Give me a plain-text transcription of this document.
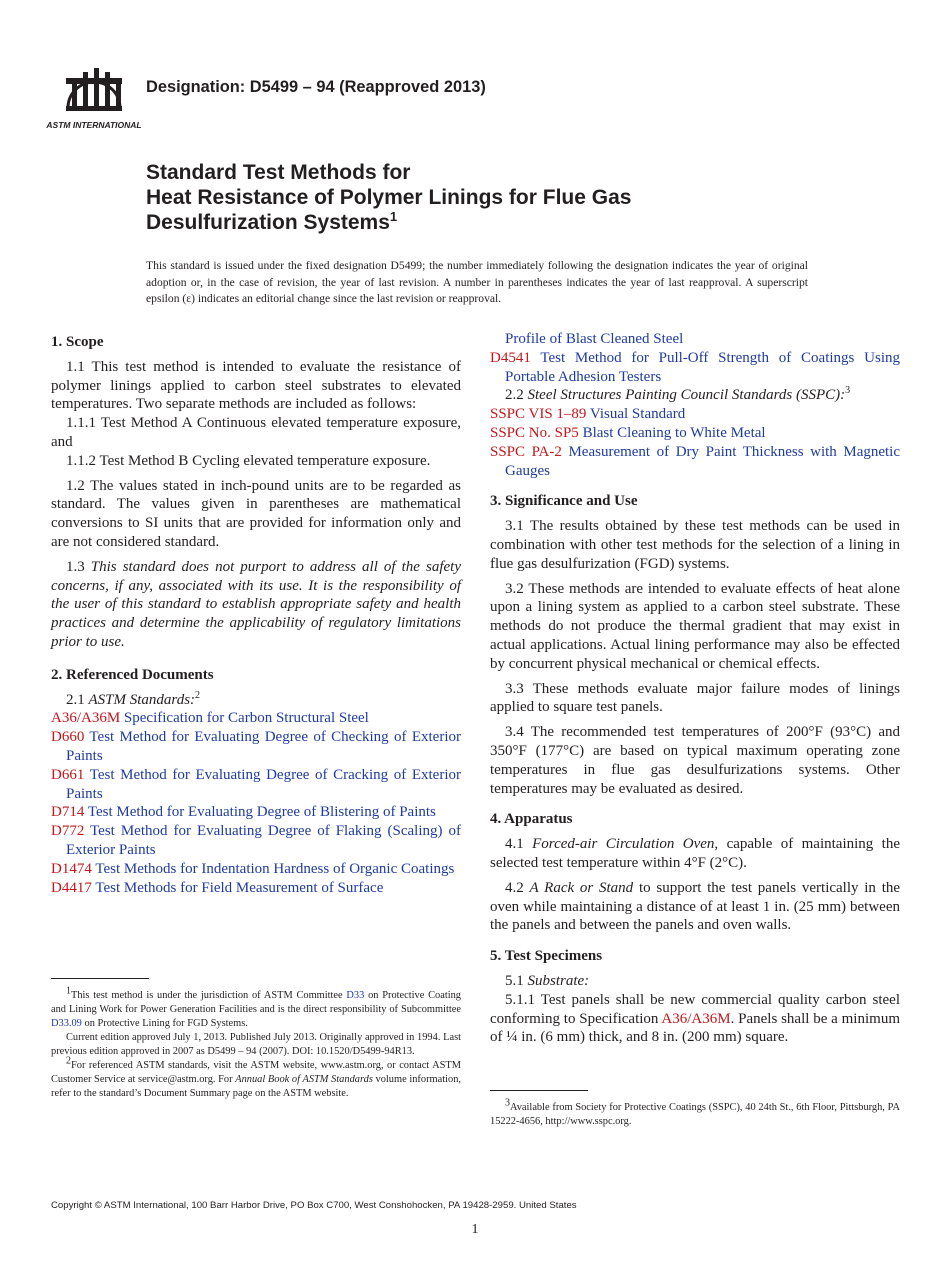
ASTM INTERNATIONAL
Designation: D5499 – 94 (Reapproved 2013)
Standard Test Methods for
Heat Resistance of Polymer Linings for Flue Gas
Desulfurization Systems$^1$
This standard is issued under the fixed designation D5499; the number immediately following the designation indicates the year of original adoption or, in the case of revision, the year of last revision. A number in parentheses indicates the year of last reapproval. A superscript epsilon (ε) indicates an editorial change since the last revision or reapproval.

1. Scope

1.1 This test method is intended to evaluate the resistance of polymer linings applied to carbon steel substrates to elevated temperatures. Two separate methods are included as follows:

1.1.1 Test Method A Continuous elevated temperature exposure, and

1.1.2 Test Method B Cycling elevated temperature exposure.

1.2 The values stated in inch-pound units are to be regarded as standard. The values given in parentheses are mathematical conversions to SI units that are provided for information only and are not considered standard.

1.3 This standard does not purport to address all of the safety concerns, if any, associated with its use. It is the responsibility of the user of this standard to establish appropriate safety and health practices and determine the applicability of regulatory limitations prior to use.

2. Referenced Documents

2.1 ASTM Standards:$^2$

A36/A36M Specification for Carbon Structural Steel

D660 Test Method for Evaluating Degree of Checking of Exterior Paints

D661 Test Method for Evaluating Degree of Cracking of Exterior Paints

D714 Test Method for Evaluating Degree of Blistering of Paints

D772 Test Method for Evaluating Degree of Flaking (Scaling) of Exterior Paints

D1474 Test Methods for Indentation Hardness of Organic Coatings

D4417 Test Methods for Field Measurement of Surface

$^1$This test method is under the jurisdiction of ASTM Committee D33 on Protective Coating and Lining Work for Power Generation Facilities and is the direct responsibility of Subcommittee D33.09 on Protective Lining for FGD Systems.

Current edition approved July 1, 2013. Published July 2013. Originally approved in 1994. Last previous edition approved in 2007 as D5499 – 94 (2007). DOI: 10.1520/D5499-94R13.

$^2$For referenced ASTM standards, visit the ASTM website, www.astm.org, or contact ASTM Customer Service at service@astm.org. For Annual Book of ASTM Standards volume information, refer to the standard’s Document Summary page on the ASTM website.

Profile of Blast Cleaned Steel

D4541 Test Method for Pull-Off Strength of Coatings Using Portable Adhesion Testers

2.2 Steel Structures Painting Council Standards (SSPC):$^3$

SSPC VIS 1–89 Visual Standard

SSPC No. SP5 Blast Cleaning to White Metal

SSPC PA-2 Measurement of Dry Paint Thickness with Magnetic Gauges

3. Significance and Use

3.1 The results obtained by these test methods can be used in combination with other test methods for the selection of a lining in flue gas desulfurization (FGD) systems.

3.2 These methods are intended to evaluate effects of heat alone upon a lining system as applied to a carbon steel substrate. These methods do not produce the thermal gradient that may exist in actual applications. Actual lining performance may also be effected by concurrent physical mechanical or chemical effects.

3.3 These methods evaluate major failure modes of linings applied to square test panels.

3.4 The recommended test temperatures of 200°F (93°C) and 350°F (177°C) are based on typical maximum operating zone temperatures in flue gas desulfurizations systems. Other temperatures may be evaluated as desired.

4. Apparatus

4.1 Forced-air Circulation Oven, capable of maintaining the selected test temperature within 4°F (2°C).

4.2 A Rack or Stand to support the test panels vertically in the oven while maintaining a distance of at least 1 in. (25 mm) between the panels and between the panels and oven walls.

5. Test Specimens

5.1 Substrate:

5.1.1 Test panels shall be new commercial quality carbon steel conforming to Specification A36/A36M. Panels shall be a minimum of ¼ in. (6 mm) thick, and 8 in. (200 mm) square.

$^3$Available from Society for Protective Coatings (SSPC), 40 24th St., 6th Floor, Pittsburgh, PA 15222-4656, http://www.sspc.org.

Copyright © ASTM International, 100 Barr Harbor Drive, PO Box C700, West Conshohocken, PA 19428-2959. United States
1
